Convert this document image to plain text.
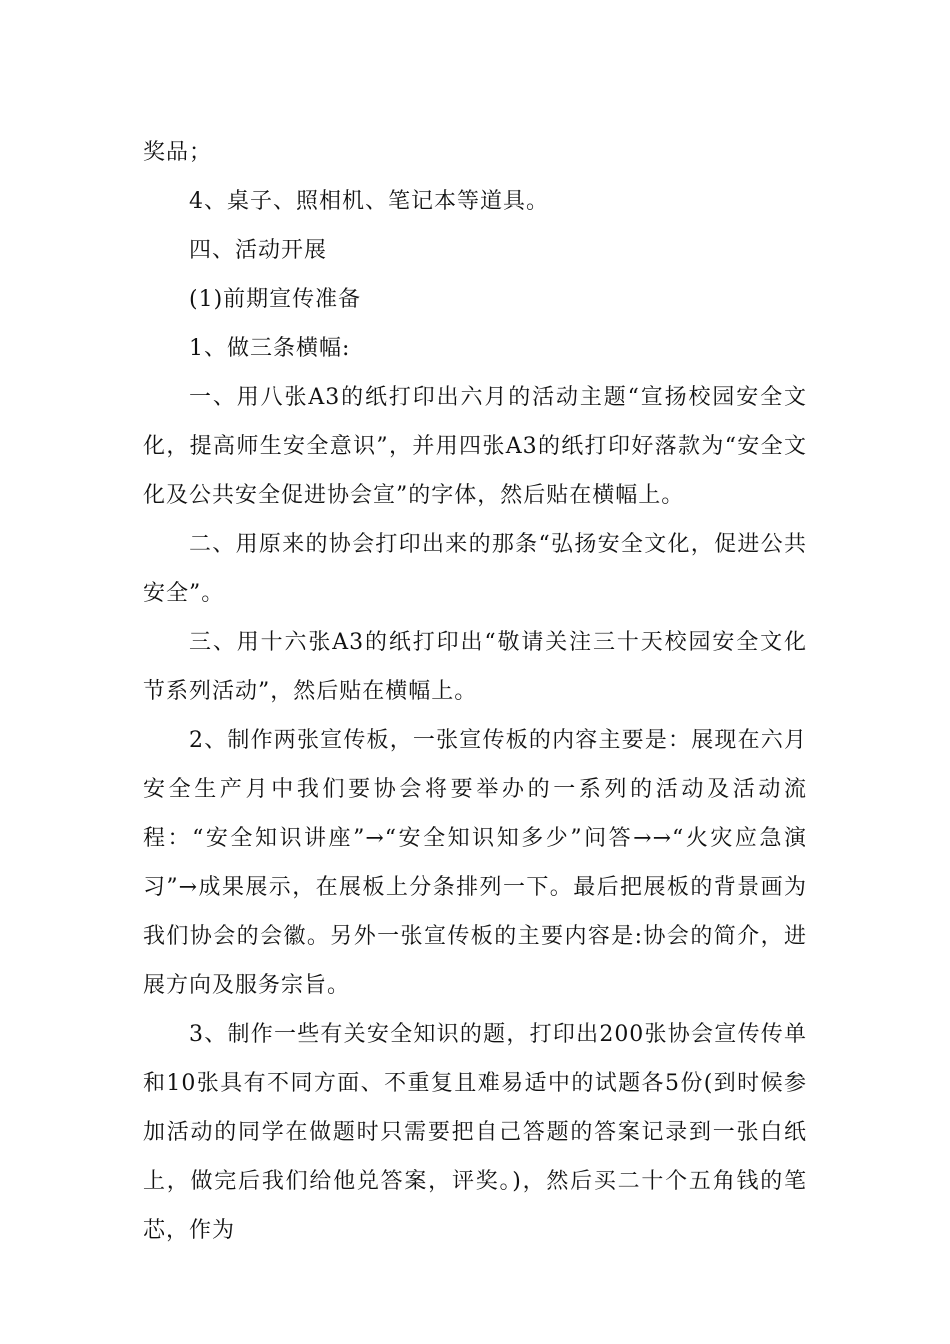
奖品；

4、桌子、照相机、笔记本等道具。

四、活动开展

(1)前期宣传准备

1、做三条横幅:

一、用八张A3的纸打印出六月的活动主题“宣扬校园安全文化，提高师生安全意识”，并用四张A3的纸打印好落款为“安全文化及公共安全促进协会宣”的字体，然后贴在横幅上。

二、用原来的协会打印出来的那条“弘扬安全文化，促进公共安全”。

三、用十六张A3的纸打印出“敬请关注三十天校园安全文化节系列活动”，然后贴在横幅上。

2、制作两张宣传板，一张宣传板的内容主要是：展现在六月安全生产月中我们要协会将要举办的一系列的活动及活动流程：“安全知识讲座”→“安全知识知多少”问答→→“火灾应急演习”→成果展示，在展板上分条排列一下。最后把展板的背景画为我们协会的会徽。另外一张宣传板的主要内容是:协会的简介，进展方向及服务宗旨。

3、制作一些有关安全知识的题，打印出200张协会宣传传单和10张具有不同方面、不重复且难易适中的试题各5份(到时候参加活动的同学在做题时只需要把自己答题的答案记录到一张白纸上，做完后我们给他兑答案，评奖。)，然后买二十个五角钱的笔芯，作为
